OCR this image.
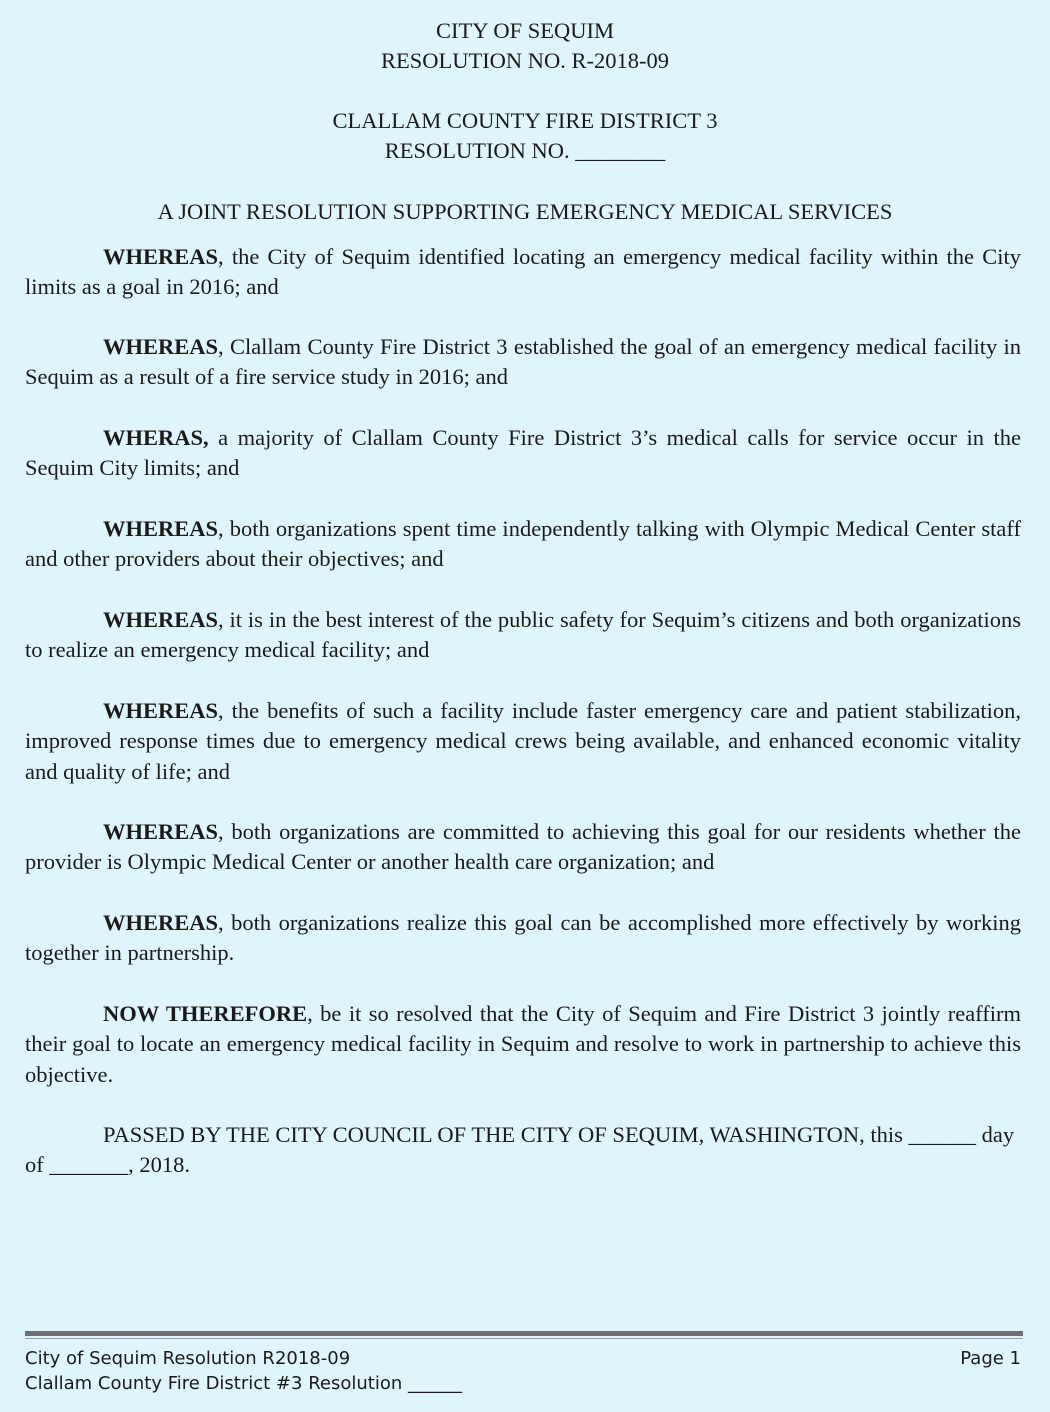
CITY OF SEQUIM
RESOLUTION NO. R-2018-09
CLALLAM COUNTY FIRE DISTRICT 3
RESOLUTION NO. ________
A JOINT RESOLUTION SUPPORTING EMERGENCY MEDICAL SERVICES

WHEREAS, the City of Sequim identified locating an emergency medical facility within the City limits as a goal in 2016; and

WHEREAS, Clallam County Fire District 3 established the goal of an emergency medical facility in Sequim as a result of a fire service study in 2016; and

WHERAS, a majority of Clallam County Fire District 3’s medical calls for service occur in the Sequim City limits; and

WHEREAS, both organizations spent time independently talking with Olympic Medical Center staff and other providers about their objectives; and

WHEREAS, it is in the best interest of the public safety for Sequim’s citizens and both organizations to realize an emergency medical facility; and

WHEREAS, the benefits of such a facility include faster emergency care and patient stabilization, improved response times due to emergency medical crews being available, and enhanced economic vitality and quality of life; and

WHEREAS, both organizations are committed to achieving this goal for our residents whether the provider is Olympic Medical Center or another health care organization; and

WHEREAS, both organizations realize this goal can be accomplished more effectively by working together in partnership.

NOW THEREFORE, be it so resolved that the City of Sequim and Fire District 3 jointly reaffirm their goal to locate an emergency medical facility in Sequim and resolve to work in partnership to achieve this objective.

PASSED BY THE CITY COUNCIL OF THE CITY OF SEQUIM, WASHINGTON, this ______ day of _______, 2018.

City of Sequim Resolution R2018-09
Clallam County Fire District #3 Resolution ______
Page 1
